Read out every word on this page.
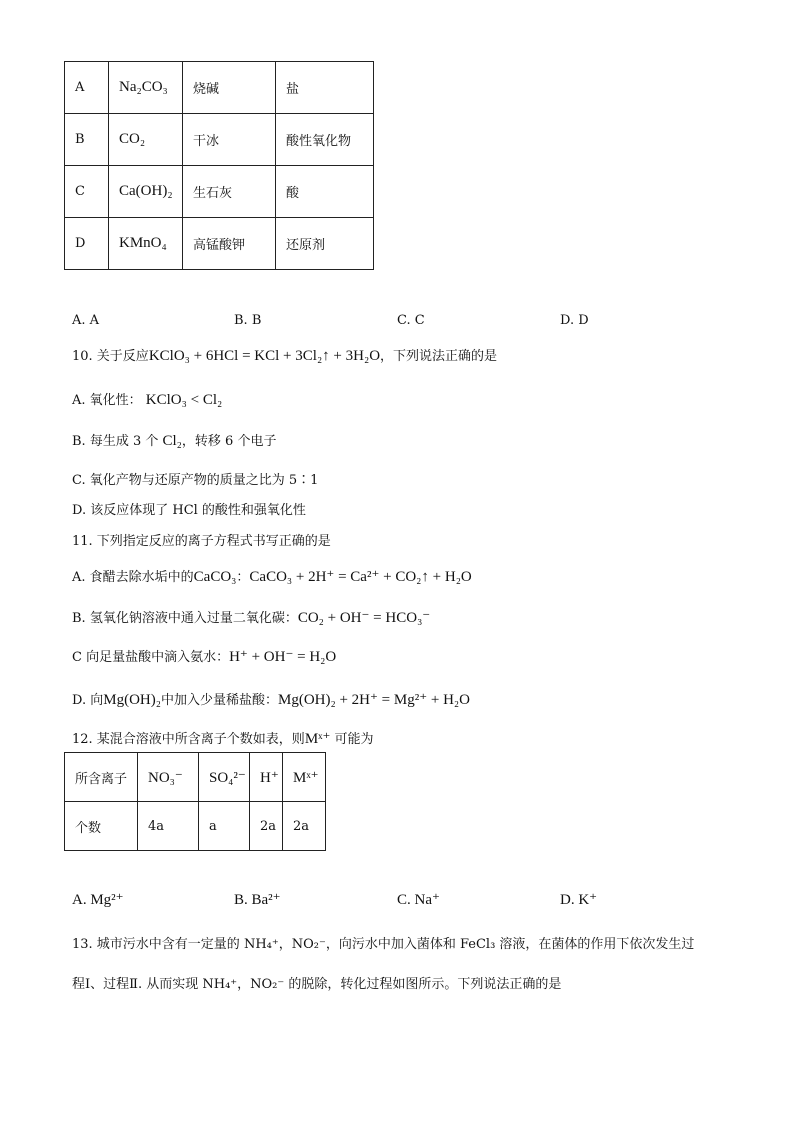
A	Na₂CO₃	烧碱	盐
B	CO₂	干冰	酸性氧化物
C	Ca(OH)₂	生石灰	酸
D	KMnO₄	高锰酸钾	还原剂
A. A	B. B	C. C	D. D
10. 关于反应KClO₃ + 6HCl = KCl + 3Cl₂↑ + 3H₂O，下列说法正确的是
A. 氧化性： KClO₃ < Cl₂
B. 每生成 3 个 Cl₂，转移 6 个电子
C. 氧化产物与还原产物的质量之比为 5∶1
D. 该反应体现了 HCl 的酸性和强氧化性
11. 下列指定反应的离子方程式书写正确的是
A. 食醋去除水垢中的CaCO₃：CaCO₃ + 2H⁺ = Ca²⁺ + CO₂↑ + H₂O
B. 氢氧化钠溶液中通入过量二氧化碳：CO₂ + OH⁻ = HCO₃⁻
C 向足量盐酸中滴入氨水：H⁺ + OH⁻ = H₂O
D. 向Mg(OH)₂中加入少量稀盐酸：Mg(OH)₂ + 2H⁺ = Mg²⁺ + H₂O
12. 某混合溶液中所含离子个数如表，则Mˣ⁺ 可能为
所含离子	NO₃⁻	SO₄²⁻	H⁺	Mˣ⁺
个数	4a	a	2a	2a
A. Mg²⁺	B. Ba²⁺	C. Na⁺	D. K⁺
13. 城市污水中含有一定量的 NH₄⁺，NO₂⁻，向污水中加入菌体和 FeCl₃ 溶液，在菌体的作用下依次发生过
程Ⅰ、过程Ⅱ. 从而实现 NH₄⁺，NO₂⁻ 的脱除，转化过程如图所示。下列说法正确的是
